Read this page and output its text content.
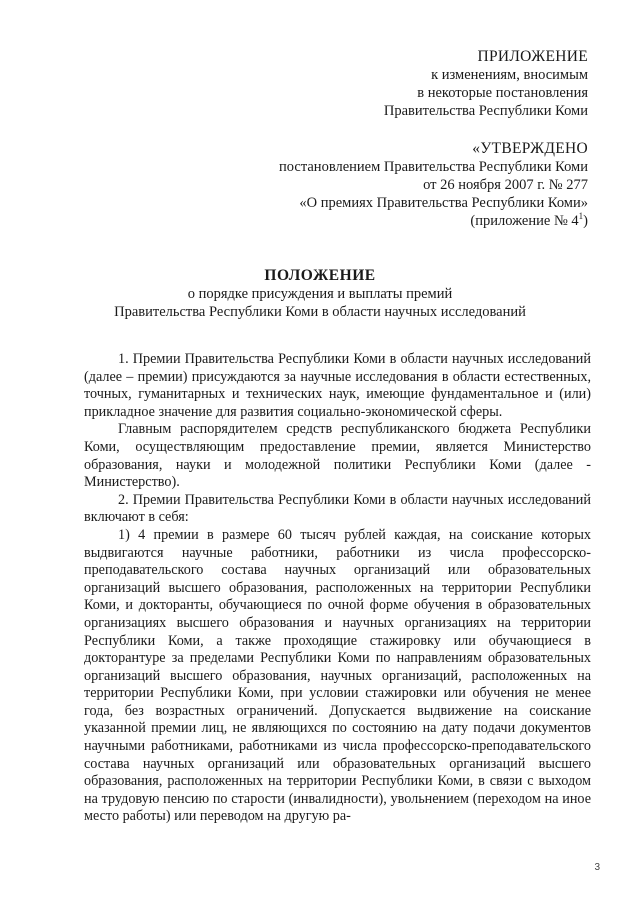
ПРИЛОЖЕНИЕ
к изменениям, вносимым
в некоторые постановления
Правительства Республики Коми
«УТВЕРЖДЕНО
постановлением Правительства Республики Коми
от 26 ноября 2007 г. № 277
«О премиях Правительства Республики Коми»
(приложение № $4^1$)
ПОЛОЖЕНИЕ
о порядке присуждения и выплаты премий
Правительства Республики Коми в области научных исследований

1. Премии Правительства Республики Коми в области научных исследований (далее – премии) присуждаются за научные исследования в области естественных, точных, гуманитарных и технических наук, имеющие фундаментальное и (или) прикладное значение для развития социально-экономической сферы.

Главным распорядителем средств республиканского бюджета Республики Коми, осуществляющим предоставление премии, является Министерство образования, науки и молодежной политики Республики Коми (далее - Министерство).

2. Премии Правительства Республики Коми в области научных исследований включают в себя:

1) 4 премии в размере 60 тысяч рублей каждая, на соискание которых выдвигаются научные работники, работники из числа профессорско-преподавательского состава научных организаций или образовательных организаций высшего образования, расположенных на территории Республики Коми, и докторанты, обучающиеся по очной форме обучения в образовательных организациях высшего образования и научных организациях на территории Республики Коми, а также проходящие стажировку или обучающиеся в докторантуре за пределами Республики Коми по направлениям образовательных организаций высшего образования, научных организаций, расположенных на территории Республики Коми, при условии стажировки или обучения не менее года, без возрастных ограничений. Допускается выдвижение на соискание указанной премии лиц, не являющихся по состоянию на дату подачи документов научными работниками, работниками из числа профессорско-преподавательского состава научных организаций или образовательных организаций высшего образования, расположенных на территории Республики Коми, в связи с выходом на трудовую пенсию по старости (инвалидности), увольнением (переходом на иное место работы) или переводом на другую ра-

3
